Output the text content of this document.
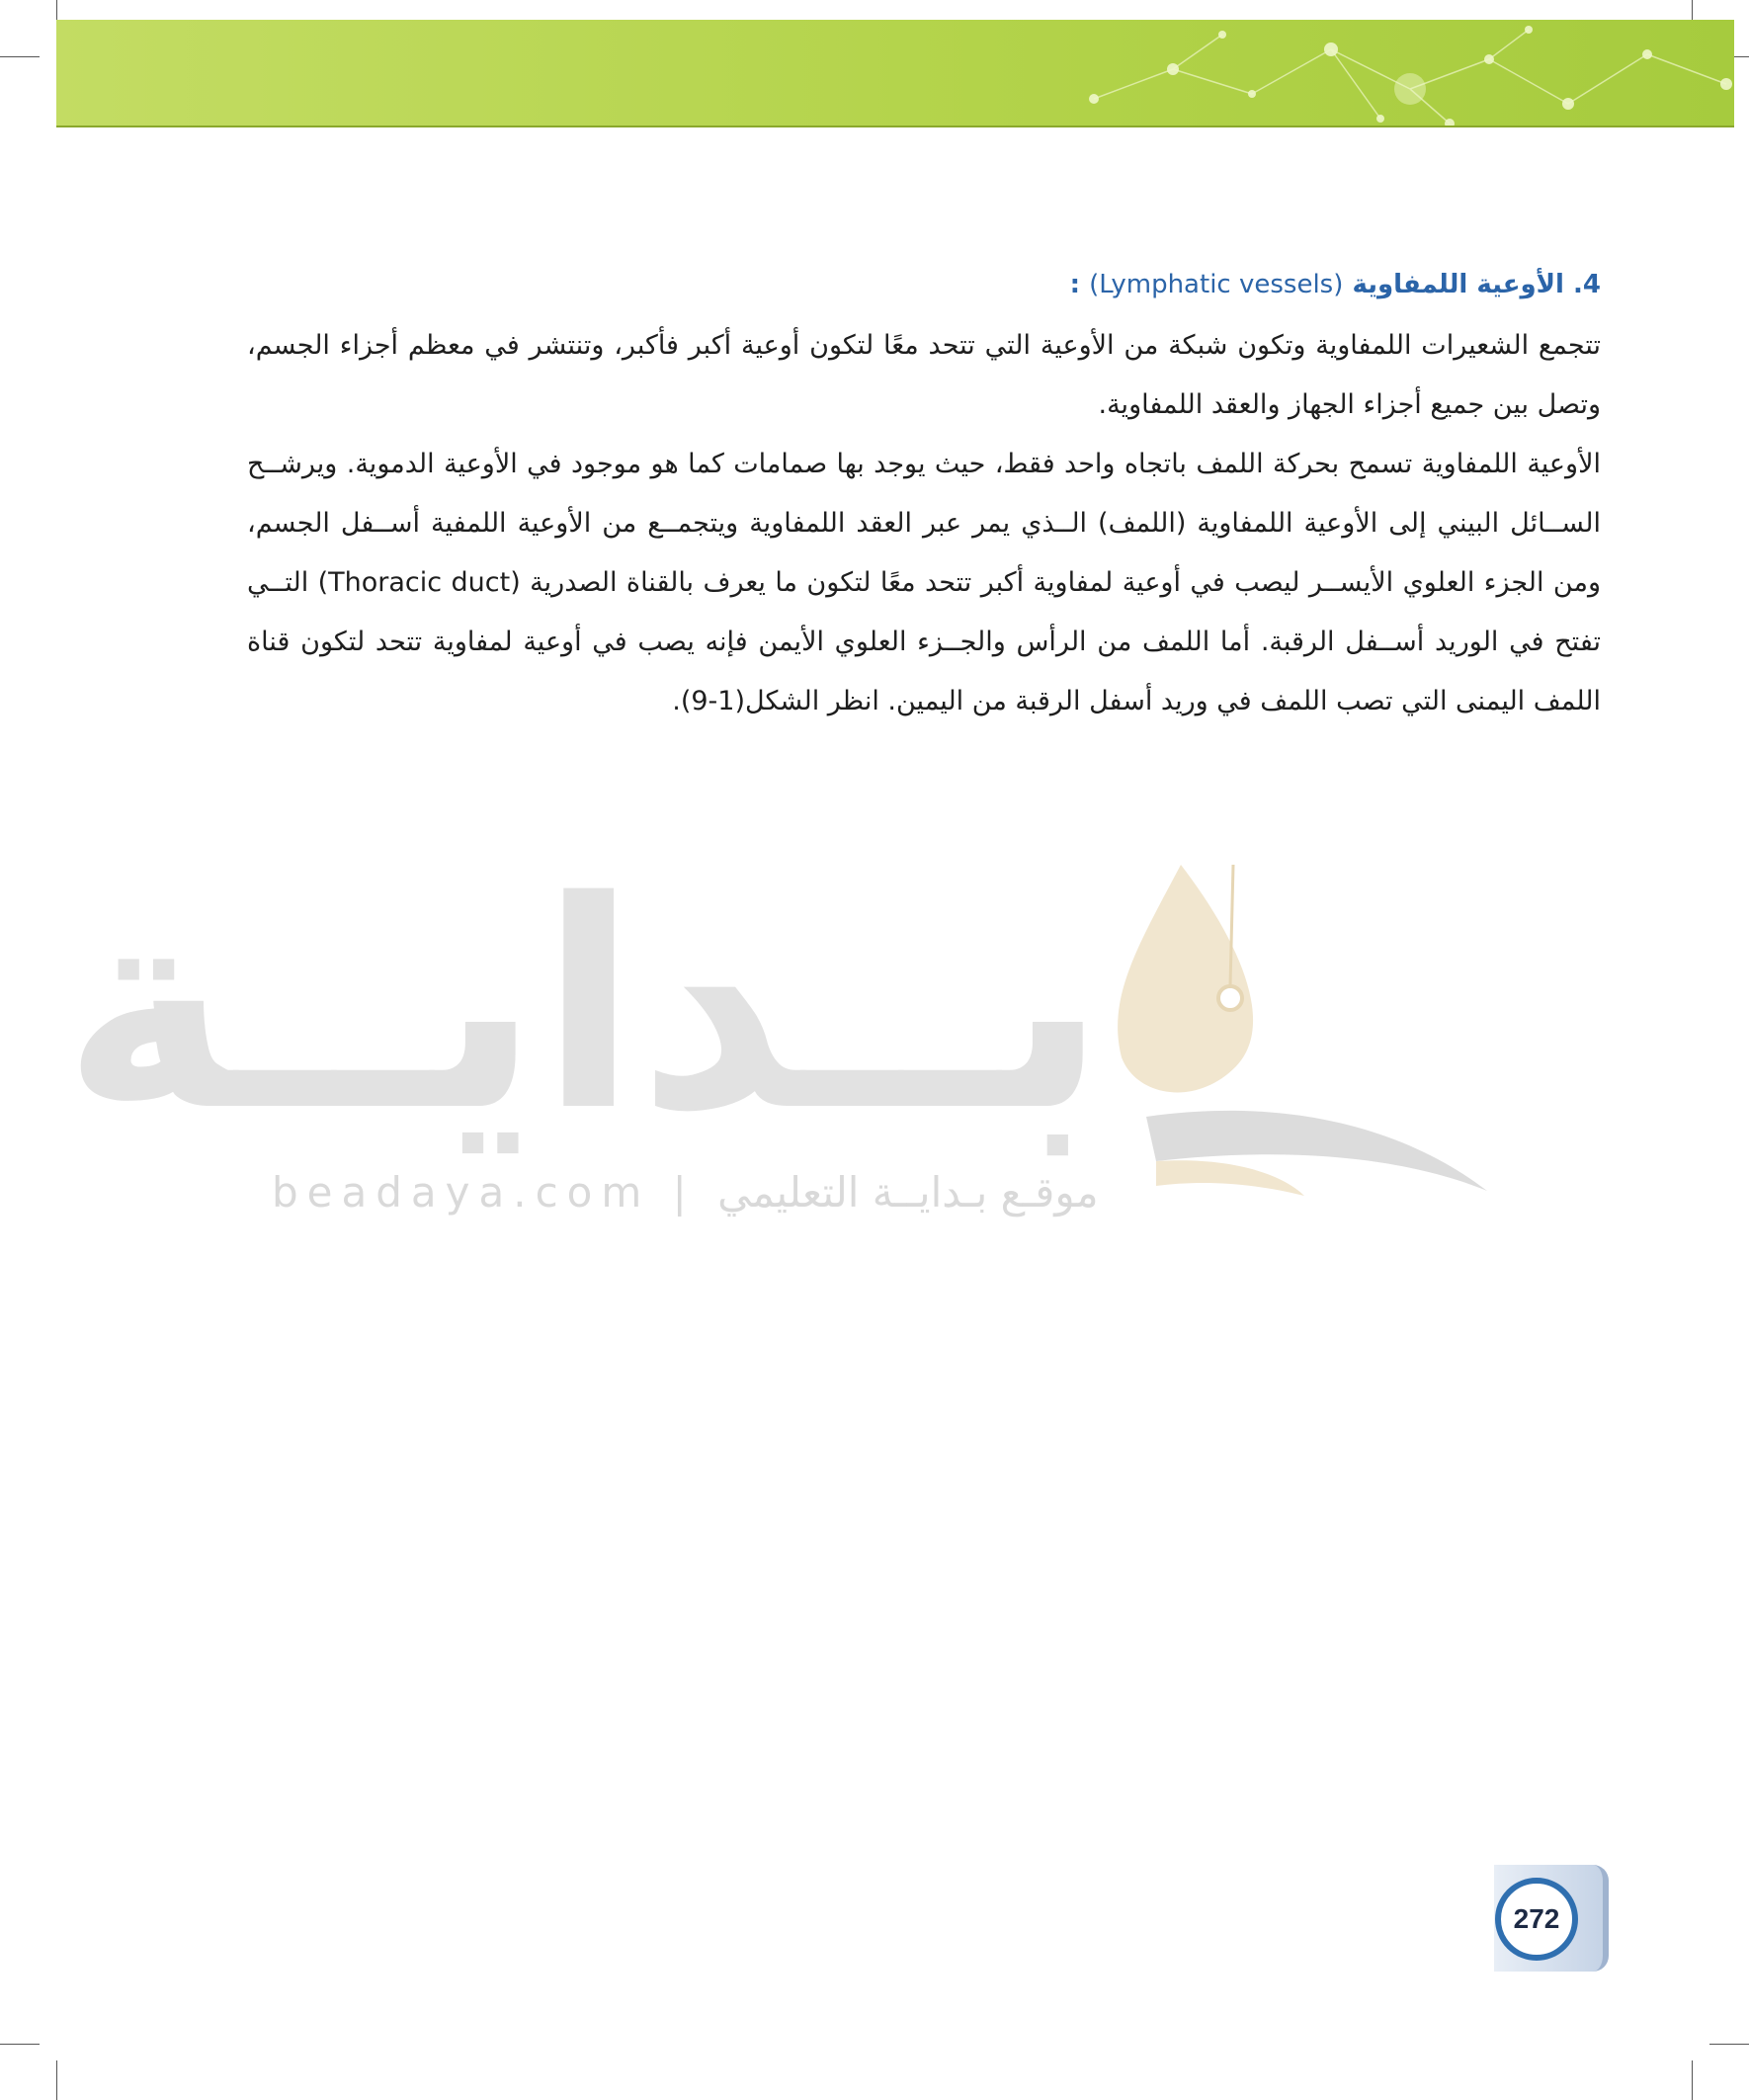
4. الأوعية اللمفاوية (Lymphatic vessels) :

تتجمع الشعيرات اللمفاوية وتكون شبكة من الأوعية التي تتحد معًا لتكون أوعية أكبر فأكبر، وتنتشر في معظم أجزاء الجسم، وتصل بين جميع أجزاء الجهاز والعقد اللمفاوية.

الأوعية اللمفاوية تسمح بحركة اللمف باتجاه واحد فقط، حيث يوجد بها صمامات كما هو موجود في الأوعية الدموية. ويرشــح الســائل البيني إلى الأوعية اللمفاوية (اللمف) الــذي يمر عبر العقد اللمفاوية ويتجمــع من الأوعية اللمفية أســفل الجسم، ومن الجزء العلوي الأيســر ليصب في أوعية لمفاوية أكبر تتحد معًا لتكون ما يعرف بالقناة الصدرية (Thoracic duct) التــي تفتح في الوريد أســفل الرقبة. أما اللمف من الرأس والجــزء العلوي الأيمن فإنه يصب في أوعية لمفاوية تتحد لتكون قناة اللمف اليمنى التي تصب اللمف في وريد أسفل الرقبة من اليمين. انظر الشكل(1-9).

بــدايــة
beadaya.com | موقـع بـدايــة التعليمي
272
